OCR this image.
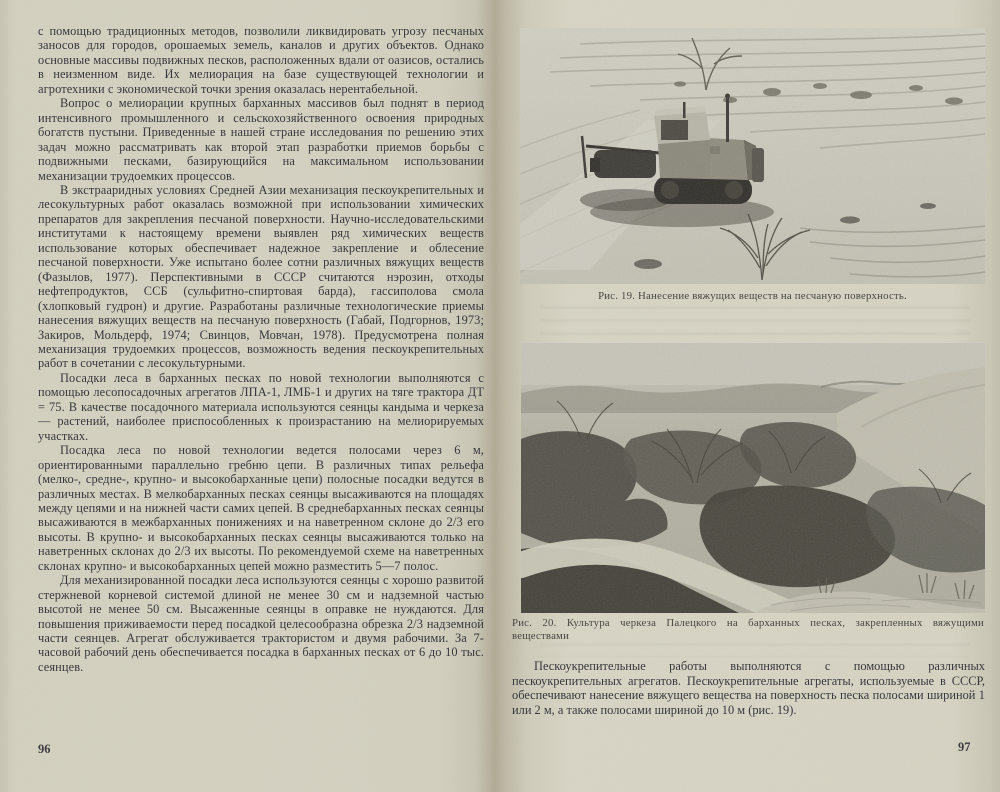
с помощью традиционных методов, позволили ликвидировать угрозу песчаных заносов для городов, орошаемых земель, каналов и других объектов. Однако основные массивы подвижных песков, расположенных вдали от оазисов, остались в неизменном виде. Их мелиорация на базе существующей технологии и агротехники с экономической точки зрения оказалась нерентабельной.

Вопрос о мелиорации крупных барханных массивов был поднят в период интенсивного промышленного и сельскохозяйственного освоения природных богатств пустыни. Приведенные в нашей стране исследования по решению этих задач можно рассматривать как второй этап разработки приемов борьбы с подвижными песками, базирующийся на максимальном использовании механизации трудоемких процессов.

В экстрааридных условиях Средней Азии механизация пескоукрепительных и лесокультурных работ оказалась возможной при использовании химических препаратов для закрепления песчаной поверхности. Научно-исследовательскими институтами к настоящему времени выявлен ряд химических веществ использование которых обеспечивает надежное закрепление и облесение песчаной поверхности. Уже испытано более сотни различных вяжущих веществ (Фазылов, 1977). Перспективными в СССР считаются нэрозин, отходы нефтепродуктов, ССБ (сульфитно-спиртовая барда), гассиполова смола (хлопковый гудрон) и другие. Разработаны различные технологические приемы нанесения вяжущих веществ на песчаную поверхность (Габай, Подгорнов, 1973; Закиров, Мольдерф, 1974; Свинцов, Мовчан, 1978). Предусмотрена полная механизация трудоемких процессов, возможность ведения пескоукрепительных работ в сочетании с лесокультурными.

Посадки леса в барханных песках по новой технологии выполняются с помощью лесопосадочных агрегатов ЛПА-1, ЛМБ-1 и других на тяге трактора ДТ = 75. В качестве посадочного материала используются сеянцы кандыма и черкеза — растений, наиболее приспособленных к произрастанию на мелиорируемых участках.

Посадка леса по новой технологии ведется полосами через 6 м, ориентированными параллельно гребню цепи. В различных типах рельефа (мелко-, средне-, крупно- и высокобарханные цепи) полосные посадки ведутся в различных местах. В мелкобарханных песках сеянцы высаживаются на площадях между цепями и на нижней части самих цепей. В среднебарханных песках сеянцы высаживаются в межбарханных понижениях и на наветренном склоне до 2/3 его высоты. В крупно- и высокобарханных песках сеянцы высаживаются только на наветренных склонах до 2/3 их высоты. По рекомендуемой схеме на наветренных склонах крупно- и высокобарханных цепей можно разместить 5—7 полос.

Для механизированной посадки леса используются сеянцы с хорошо развитой стержневой корневой системой длиной не менее 30 см и надземной частью высотой не менее 50 см. Высаженные сеянцы в оправке не нуждаются. Для повышения приживаемости перед посадкой целесообразна обрезка 2/3 надземной части сеянцев. Агрегат обслуживается трактористом и двумя рабочими. За 7-часовой рабочий день обеспечивается посадка в барханных песках от 6 до 10 тыс. сеянцев.

96
Рис. 19. Нанесение вяжущих веществ на песчаную поверхность.
Рис. 20. Культура черкеза Палецкого на барханных песках, закрепленных вяжущими веществами

Пескоукрепительные работы выполняются с помощью различных пескоукрепительных агрегатов. Пескоукрепительные агрегаты, используемые в СССР, обеспечивают нанесение вяжущего вещества на поверхность песка полосами шириной 1 или 2 м, а также полосами шириной до 10 м (рис. 19).

97
